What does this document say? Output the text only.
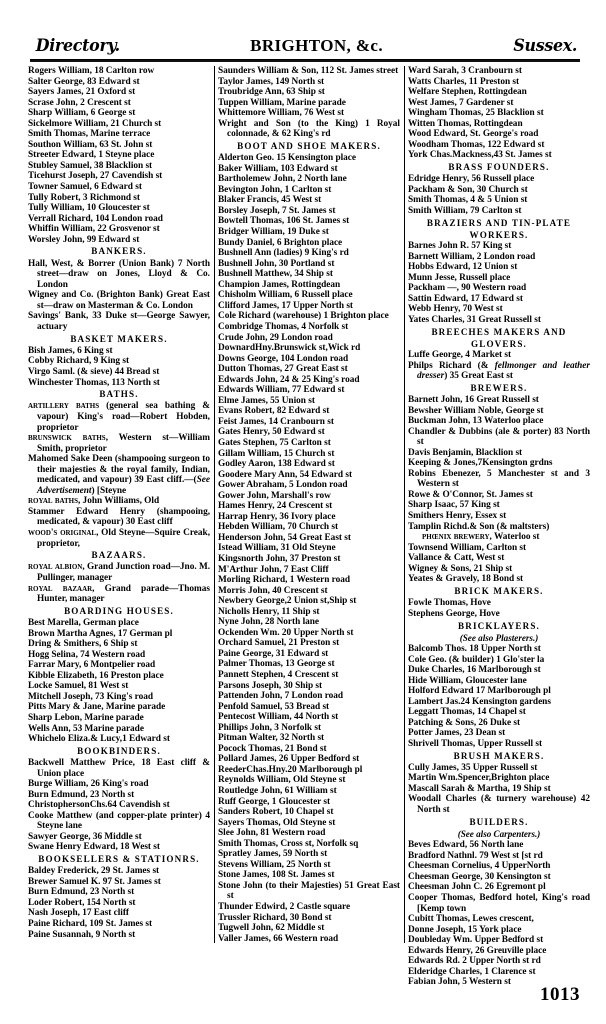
Directory.	BRIGHTON, &c.	Sussex.
Rogers William, 18 Carlton row
Salter George, 83 Edward st
Sayers James, 21 Oxford st
Scrase John, 2 Crescent st
Sharp William, 6 George st
Sickelmore William, 21 Church st
Smith Thomas, Marine terrace
Southon William, 63 St. John st
Streeter Edward, 1 Steyne place
Stubley Samuel, 38 Blacklion st
Ticehurst Joseph, 27 Cavendish st
Towner Samuel, 6 Edward st
Tully Robert, 3 Richmond st
Tully William, 10 Gloucester st
Verrall Richard, 104 London road
Whiffin William, 22 Grosvenor st
Worsley John, 99 Edward st
BANKERS.
Hall, West, & Borrer (Union Bank) 7 North street—draw on Jones, Lloyd & Co. London
Wigney and Co. (Brighton Bank) Great East st—draw on Masterman & Co. London
Savings' Bank, 33 Duke st—George Sawyer, actuary
BASKET MAKERS.
Bish James, 6 King st
Cobby Richard, 9 King st
Virgo Saml. (& sieve) 44 Bread st
Winchester Thomas, 113 North st
BATHS.
artillery baths (general sea bathing & vapour) King's road—Robert Hobden, proprietor
brunswick baths, Western st—William Smith, proprietor
Mahomed Sake Deen (shampooing surgeon to their majesties & the royal family, Indian, medicated, and vapour) 39 East cliff.—(See Advertisement) [Steyne
royal baths, John Williams, Old
Stammer Edward Henry (shampooing, medicated, & vapour) 30 East cliff
wood's original, Old Steyne—Squire Creak, proprietor,
BAZAARS.
royal albion, Grand Junction road—Jno. M. Pullinger, manager
royal bazaar, Grand parade—Thomas Hunter, manager
BOARDING HOUSES.
Best Marella, German place
Brown Martha Agnes, 17 German pl
Dring & Smithers, 6 Ship st
Hogg Selina, 74 Western road
Farrar Mary, 6 Montpelier road
Kibble Elizabeth, 16 Preston place
Locke Samuel, 81 West st
Mitchell Joseph, 73 King's road
Pitts Mary & Jane, Marine parade
Sharp Lebon, Marine parade
Wells Ann, 53 Marine parade
Whichelo Eliza.& Lucy,1 Edward st
BOOKBINDERS.
Backwell Matthew Price, 18 East cliff & Union place
Burge William, 26 King's road
Burn Edmund, 23 North st
ChristophersonChs.64 Cavendish st
Cooke Matthew (and copper-plate printer) 4 Steyne lane
Sawyer George, 36 Middle st
Swane Henry Edward, 18 West st
BOOKSELLERS & STATIONRS.
Baldey Frederick, 29 St. James st
Brewer Samuel K. 97 St. James st
Burn Edmund, 23 North st
Loder Robert, 154 North st
Nash Joseph, 17 East cliff
Paine Richard, 109 St. James st
Paine Susannah, 9 North st
Saunders William & Son, 112 St. James street
Taylor James, 149 North st
Troubridge Ann, 63 Ship st
Tuppen William, Marine parade
Whittemore William, 76 West st
Wright and Son (to the King) 1 Royal colonnade, & 62 King's rd
BOOT AND SHOE MAKERS.
Alderton Geo. 15 Kensington place
Baker William, 103 Edward st
Bartholemew John, 2 North lane
Bevington John, 1 Carlton st
Blaker Francis, 45 West st
Borsley Joseph, 7 St. James st
Bowtell Thomas, 106 St. James st
Bridger William, 19 Duke st
Bundy Daniel, 6 Brighton place
Bushnell Ann (ladies) 9 King's rd
Bushnell John, 30 Portland st
Bushnell Matthew, 34 Ship st
Champion James, Rottingdean
Chisholm William, 6 Russell place
Clifford James, 17 Upper North st
Cole Richard (warehouse) 1 Brighton place
Combridge Thomas, 4 Norfolk st
Crude John, 29 London road
DownardHny.Brunswick st,Wick rd
Downs George, 104 London road
Dutton Thomas, 27 Great East st
Edwards John, 24 & 25 King's road
Edwards William, 77 Edward st
Elme James, 55 Union st
Evans Robert, 82 Edward st
Feist James, 14 Cranbourn st
Gates Henry, 50 Edward st
Gates Stephen, 75 Carlton st
Gillam William, 15 Church st
Godley Aaron, 138 Edward st
Goodere Mary Ann, 54 Edward st
Gower Abraham, 5 London road
Gower John, Marshall's row
Hames Henry, 24 Crescent st
Harrap Henry, 36 Ivory place
Hebden William, 70 Church st
Henderson John, 54 Great East st
Istead William, 31 Old Steyne
Kingsnorth John, 37 Preston st
M'Arthur John, 7 East Cliff
Morling Richard, 1 Western road
Morris John, 40 Crescent st
Newbery George,2 Union st,Ship st
Nicholls Henry, 11 Ship st
Nyne John, 28 North lane
Ockenden Wm. 20 Upper North st
Orchard Samuel, 21 Preston st
Paine George, 31 Edward st
Palmer Thomas, 13 George st
Pannett Stephen, 4 Crescent st
Parsons Joseph, 30 Ship st
Pattenden John, 7 London road
Penfold Samuel, 53 Bread st
Pentecost William, 44 North st
Phillips John, 3 Norfolk st
Pitman Walter, 32 North st
Pocock Thomas, 21 Bond st
Pollard James, 26 Upper Bedford st
ReederChas.Hny.20 Marlborough pl
Reynolds William, Old Steyne st
Routledge John, 61 William st
Ruff George, 1 Gloucester st
Sanders Robert, 10 Chapel st
Sayers Thomas, Old Steyne st
Slee John, 81 Western road
Smith Thomas, Cross st, Norfolk sq
Spratley James, 59 North st
Stevens William, 25 North st
Stone James, 108 St. James st
Stone John (to their Majesties) 51 Great East st
Thunder Edwird, 2 Castle square
Trussler Richard, 30 Bond st
Tugwell John, 62 Middle st
Valler James, 66 Western road
Ward Sarah, 3 Cranbourn st
Watts Charles, 11 Preston st
Welfare Stephen, Rottingdean
West James, 7 Gardener st
Wingham Thomas, 25 Blacklion st
Witten Thomas, Rottingdean
Wood Edward, St. George's road
Woodham Thomas, 122 Edward st
York Chas.Mackness,43 St. James st
BRASS FOUNDERS.
Edridge Henry, 56 Russell place
Packham & Son, 30 Church st
Smith Thomas, 4 & 5 Union st
Smith William, 79 Carlton st
BRAZIERS AND TIN-PLATE
WORKERS.
Barnes John R. 57 King st
Barnett William, 2 London road
Hobbs Edward, 12 Union st
Munn Jesse, Russell place
Packham —, 90 Western road
Sattin Edward, 17 Edward st
Webb Henry, 70 West st
Yates Charles, 31 Great Russell st
BREECHES MAKERS AND
GLOVERS.
Luffe George, 4 Market st
Philps Richard (& fellmonger and leather dresser) 35 Great East st
BREWERS.
Barnett John, 16 Great Russell st
Bewsher William Noble, George st
Buckman John, 13 Waterloo place
Chandler & Dubbins (ale & porter) 83 North st
Davis Benjamin, Blacklion st
Keeping & Jones,7Kensington grdns
Robins Ebenezer, 5 Manchester st and 3 Western st
Rowe & O'Connor, St. James st
Sharp Isaac, 57 King st
Smithers Henry, Essex st
Tamplin Richd.& Son (& maltsters)
phœnix brewery, Waterloo st
Townsend William, Carlton st
Vallance & Catt, West st
Wigney & Sons, 21 Ship st
Yeates & Gravely, 18 Bond st
BRICK MAKERS.
Fowle Thomas, Hove
Stephens George, Hove
BRICKLAYERS.
(See also Plasterers.)
Balcomb Thos. 18 Upper North st
Cole Geo. (& builder) 1 Glo'ster la
Duke Charles, 16 Marlborough st
Hide William, Gloucester lane
Holford Edward 17 Marlborough pl
Lambert Jas.24 Kensington gardens
Leggatt Thomas, 14 Chapel st
Patching & Sons, 26 Duke st
Potter James, 23 Dean st
Shrivell Thomas, Upper Russell st
BRUSH MAKERS.
Cully James, 35 Upper Russell st
Martin Wm.Spencer,Brighton place
Mascall Sarah & Martha, 19 Ship st
Woodall Charles (& turnery warehouse) 42 North st
BUILDERS.
(See also Carpenters.)
Beves Edward, 56 North lane
Bradford Nathnl. 79 West st [st rd
Cheesman Cornelius, 4 UpperNorth
Cheesman George, 30 Kensington st
Cheesman John C. 26 Egremont pl
Cooper Thomas, Bedford hotel, King's road [Kemp town
Cubitt Thomas, Lewes crescent,
Donne Joseph, 15 York place
Doubleday Wm. Upper Bedford st
Edwards Henry, 26 Greuville place
Edwards Rd. 2 Upper North st rd
Elderidge Charles, 1 Clarence st
Fabian John, 5 Western st
1013
